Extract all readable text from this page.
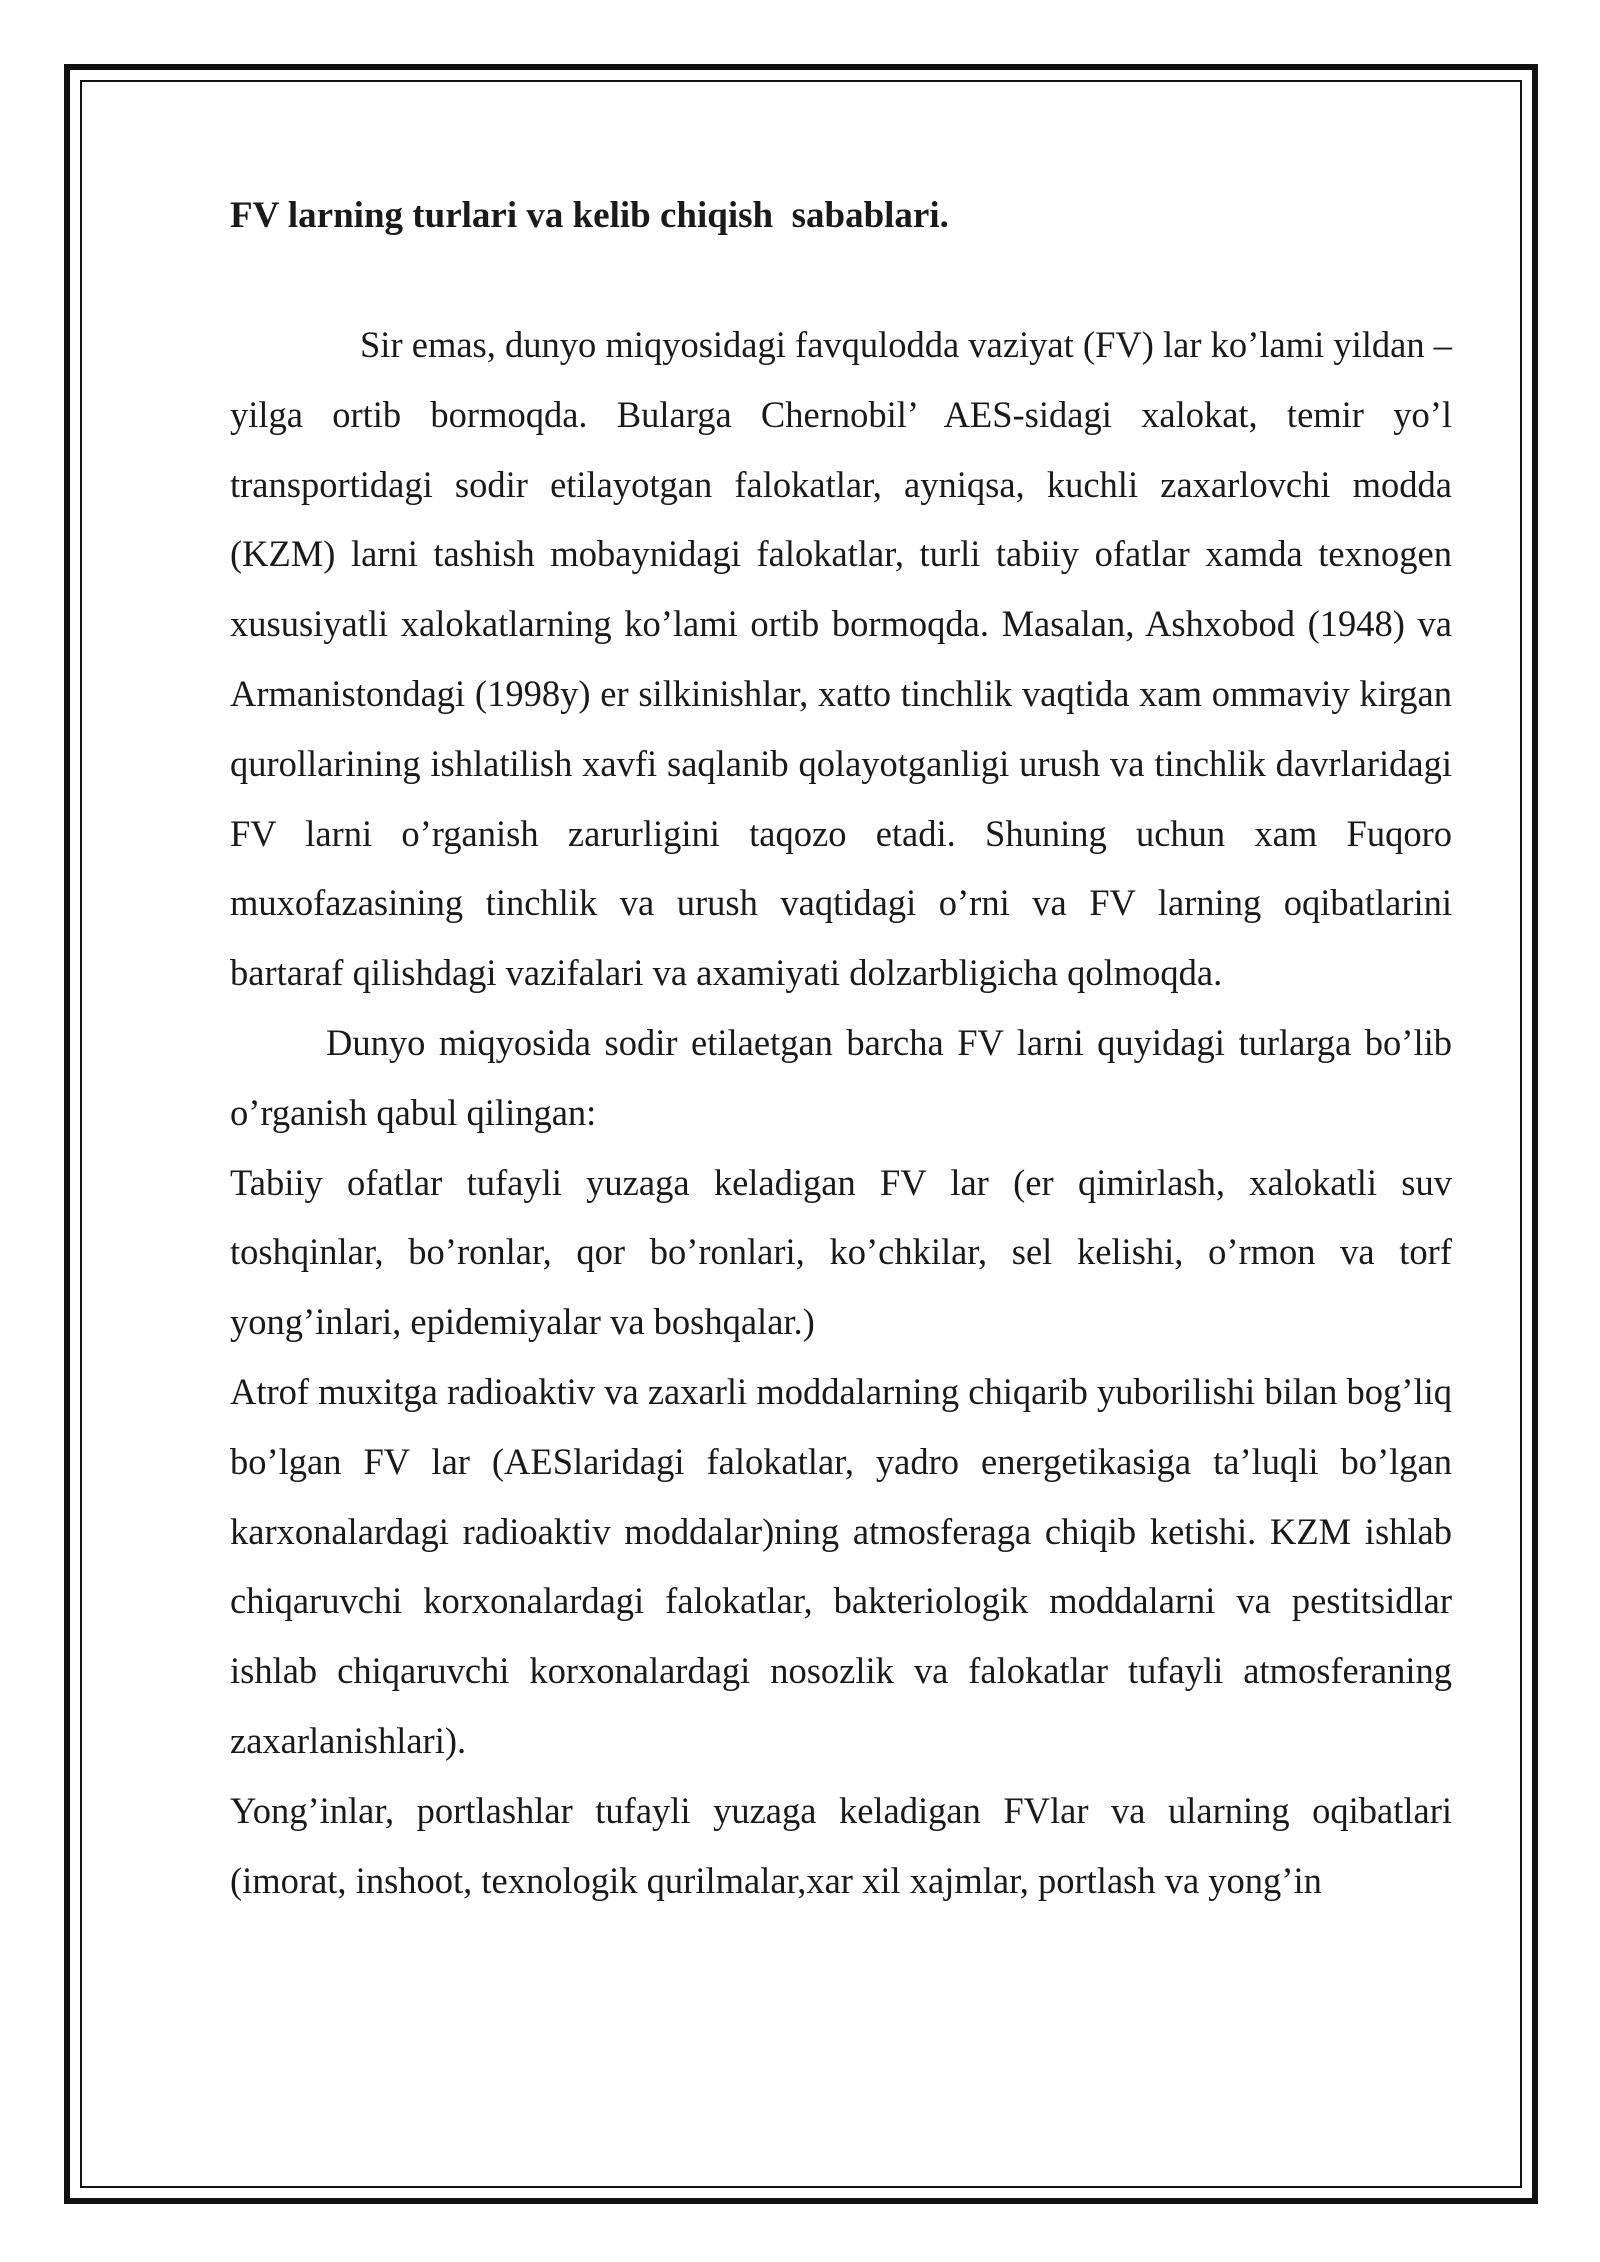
FV larning turlari va kelib chiqish  sabablari.

Sir emas, dunyo miqyosidagi favqulodda vaziyat (FV) lar ko’lami yildan – yilga ortib bormoqda. Bularga Chernobil’ AES-sidagi xalokat, temir yo’l transportidagi sodir etilayotgan falokatlar, ayniqsa, kuchli zaxarlovchi modda (KZM) larni tashish mobaynidagi falokatlar, turli tabiiy ofatlar xamda texnogen xususiyatli xalokatlarning ko’lami ortib bormoqda. Masalan, Ashxobod (1948) va Armanistondagi (1998y) er silkinishlar, xatto tinchlik vaqtida xam ommaviy kirgan qurollarining ishlatilish xavfi saqlanib qolayotganligi urush va tinchlik davrlaridagi FV larni o’rganish zarurligini taqozo etadi. Shuning uchun xam Fuqoro muxofazasining tinchlik va urush vaqtidagi o’rni va FV larning oqibatlarini bartaraf qilishdagi vazifalari va axamiyati dolzarbligicha qolmoqda.

Dunyo miqyosida sodir etilaetgan barcha FV larni quyidagi turlarga bo’lib o’rganish qabul qilingan:

Tabiiy ofatlar tufayli yuzaga keladigan FV lar (er qimirlash, xalokatli suv toshqinlar, bo’ronlar, qor bo’ronlari, ko’chkilar, sel kelishi, o’rmon va torf yong’inlari, epidemiyalar va boshqalar.)

Atrof muxitga radioaktiv va zaxarli moddalarning chiqarib yuborilishi bilan bog’liq bo’lgan FV lar (AESlaridagi falokatlar, yadro energetikasiga ta’luqli bo’lgan karxonalardagi radioaktiv moddalar)ning atmosferaga chiqib ketishi. KZM ishlab chiqaruvchi korxonalardagi falokatlar, bakteriologik moddalarni va pestitsidlar ishlab chiqaruvchi korxonalardagi nosozlik va falokatlar tufayli atmosferaning zaxarlanishlari).

Yong’inlar, portlashlar tufayli yuzaga keladigan FVlar va ularning oqibatlari (imorat, inshoot, texnologik qurilmalar,xar xil xajmlar, portlash va yong’in
